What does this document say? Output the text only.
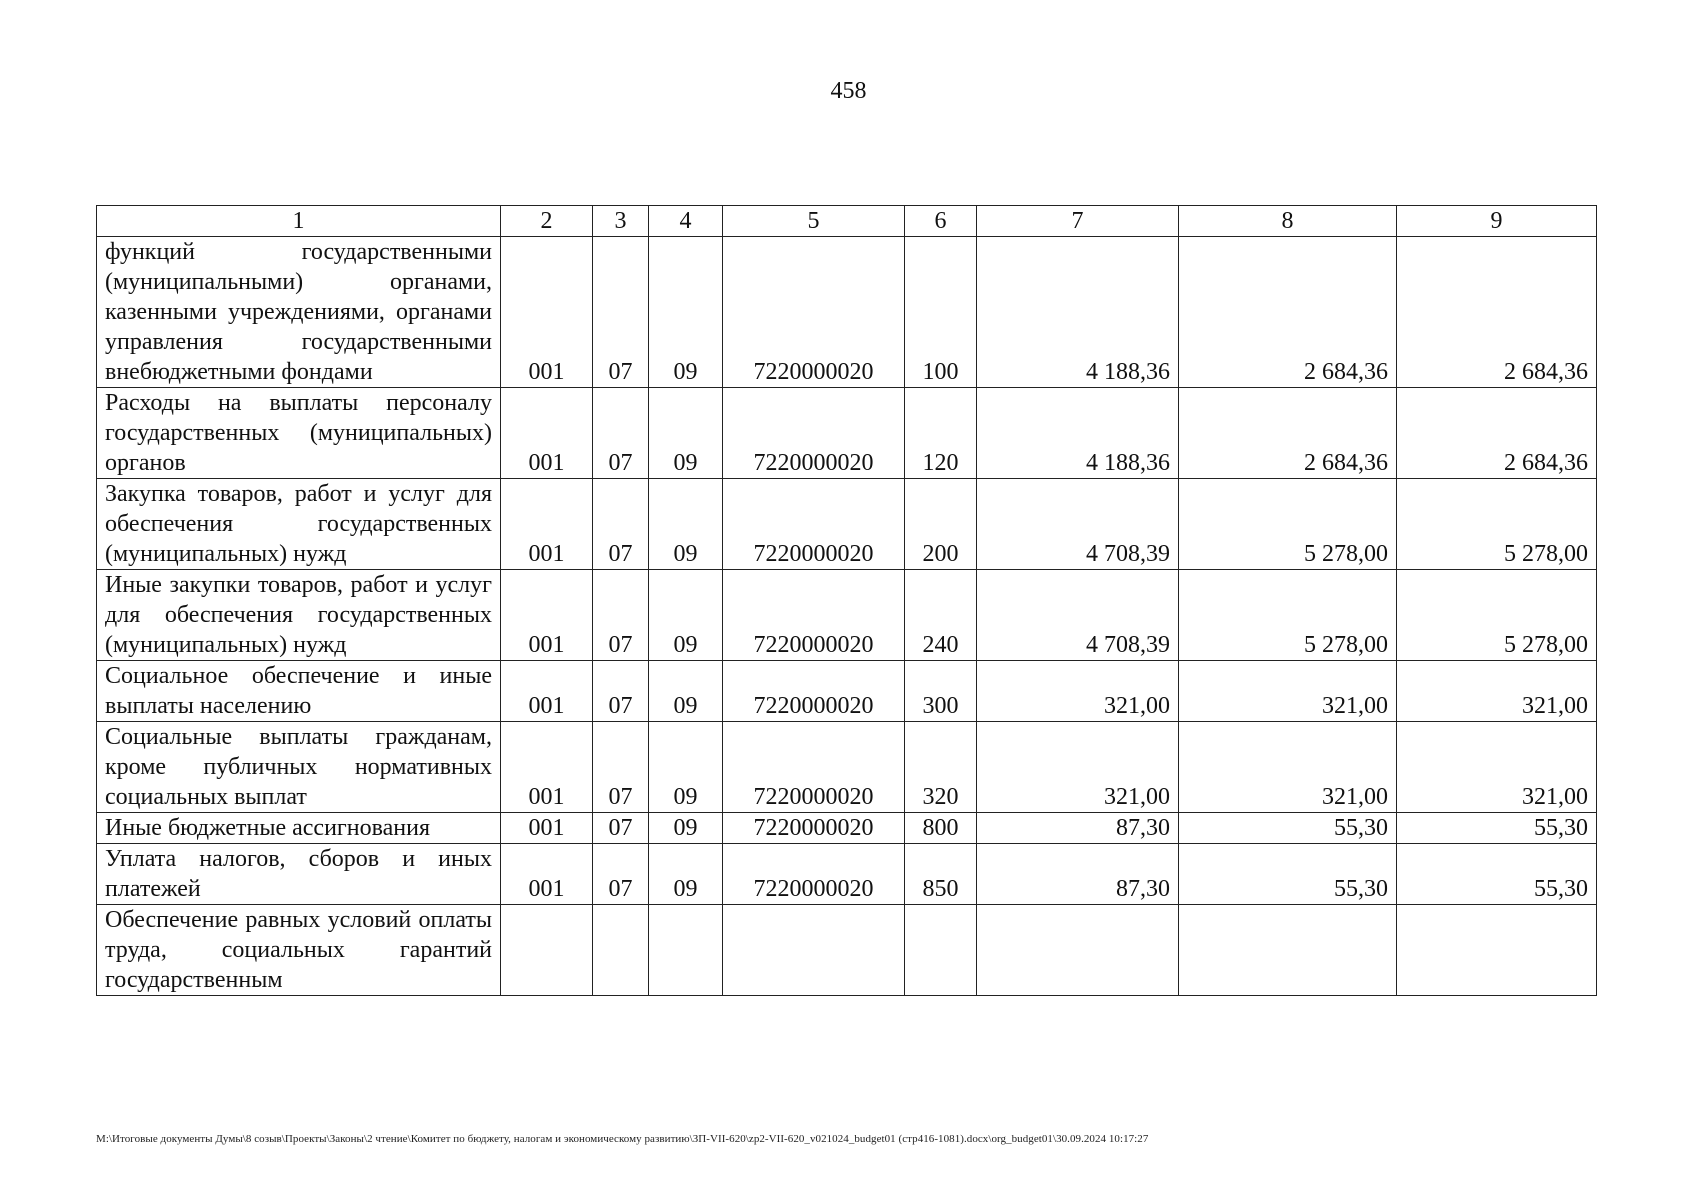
458
1	2	3	4	5	6	7	8	9
функций государственными (муниципальными) органами, казенными учреждениями, органами управления государственными внебюджетными фондами	001	07	09	7220000020	100	4 188,36	2 684,36	2 684,36
Расходы на выплаты персоналу государственных (муниципальных) органов	001	07	09	7220000020	120	4 188,36	2 684,36	2 684,36
Закупка товаров, работ и услуг для обеспечения государственных (муниципальных) нужд	001	07	09	7220000020	200	4 708,39	5 278,00	5 278,00
Иные закупки товаров, работ и услуг для обеспечения государственных (муниципальных) нужд	001	07	09	7220000020	240	4 708,39	5 278,00	5 278,00
Социальное обеспечение и иные выплаты населению	001	07	09	7220000020	300	321,00	321,00	321,00
Социальные выплаты гражданам, кроме публичных нормативных социальных выплат	001	07	09	7220000020	320	321,00	321,00	321,00
Иные бюджетные ассигнования	001	07	09	7220000020	800	87,30	55,30	55,30
Уплата налогов, сборов и иных платежей	001	07	09	7220000020	850	87,30	55,30	55,30
Обеспечение равных условий оплаты труда, социальных гарантий государственным								
M:\Итоговые документы Думы\8 созыв\Проекты\Законы\2 чтение\Комитет по бюджету, налогам и экономическому развитию\ЗП-VII-620\zp2-VII-620_v021024_budget01 (стр416-1081).docx\org_budget01\30.09.2024 10:17:27
